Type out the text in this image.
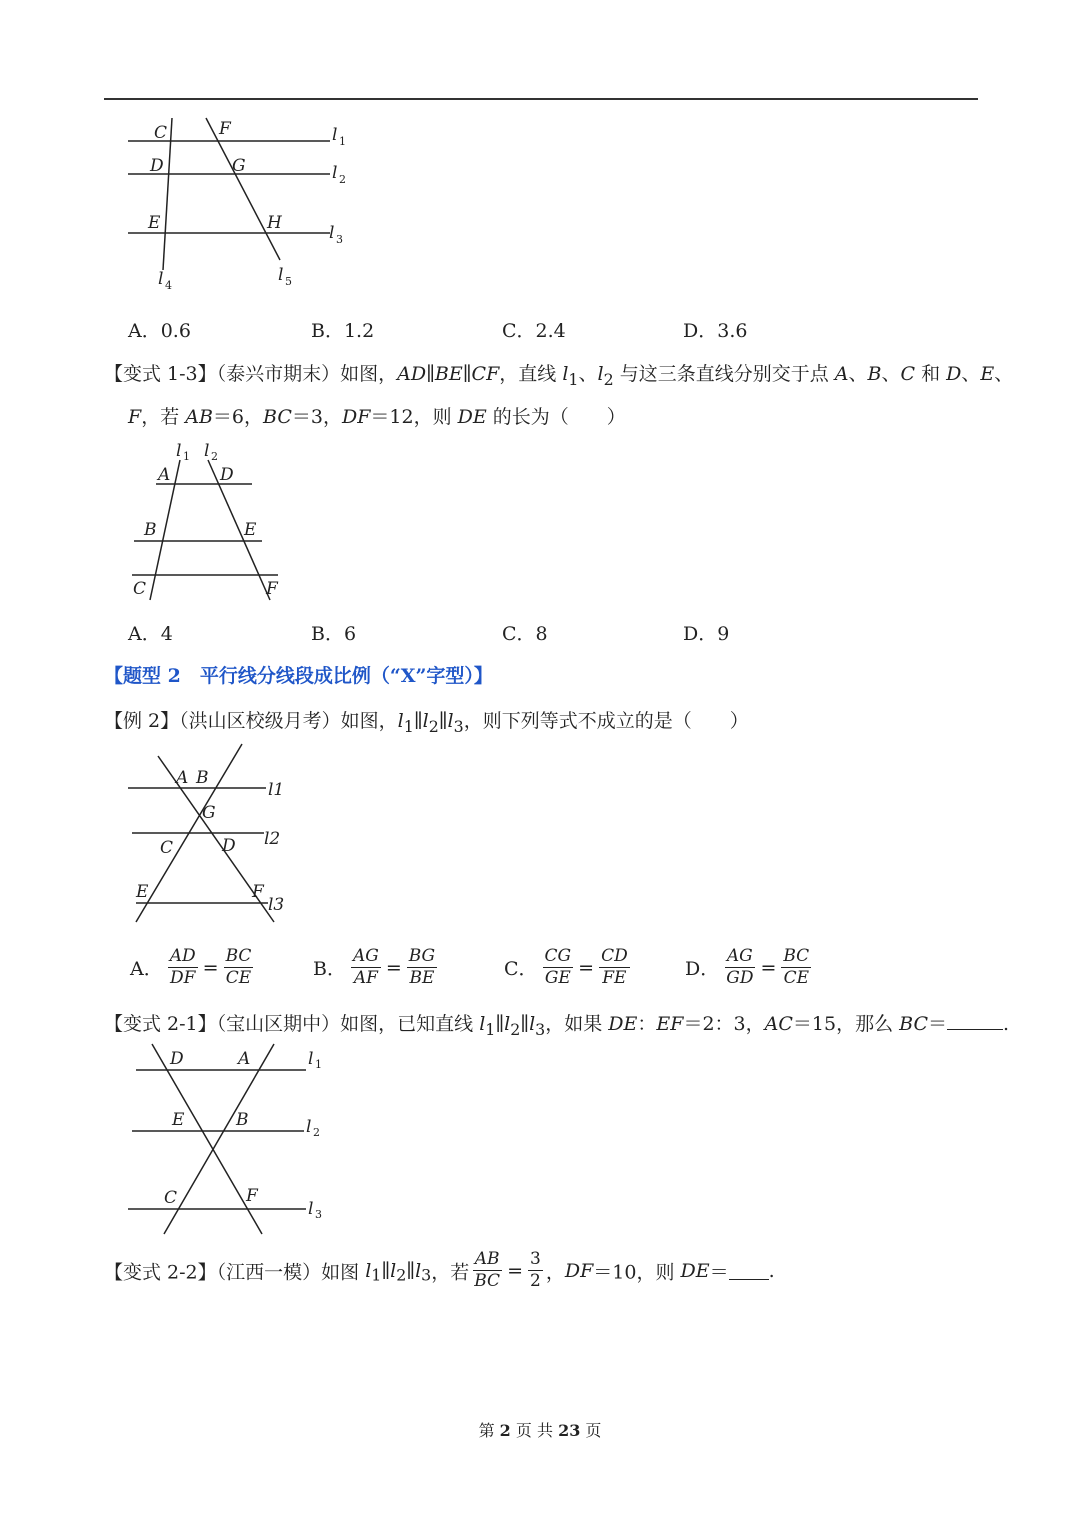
C	F
D	G
E	H
l 1
l 2
l 3
l 4
l 5
A．0.6	B．1.2	C．2.4	D．3.6
【变式 1-3】（泰兴市期末）如图，AD∥BE∥CF，直线 $l_1$、$l_2$ 与这三条直线分别交于点 A、B、C 和 D、E、
F，若 AB＝6，BC＝3，DF＝12，则 DE 的长为（　　）
l 1 l 2
A	D
B	E
C	F
A．4	B．6	C．8	D．9
【题型 2　平行线分线段成比例（“X”字型）】
【例 2】（洪山区校级月考）如图，$l_1\parallel l_2\parallel l_3$，则下列等式不成立的是（　　）
A B
G
C	D
E	F
l1
l2
l3
A． $\frac{AD}{DF} = \frac{BC}{CE}$	B． $\frac{AG}{AF} = \frac{BG}{BE}$	C． $\frac{CG}{GE} = \frac{CD}{FE}$	D． $\frac{AG}{GD} = \frac{BC}{CE}$
【变式 2-1】（宝山区期中）如图，已知直线 $l_1\parallel l_2\parallel l_3$，如果 DE：EF＝2：3，AC＝15，那么 BC＝	.
D	A
E	B
C	F
l 1
l 2
l 3
【变式 2-2】（江西一模）如图 $l_1\parallel l_2\parallel l_3$，若 $\frac{AB}{BC} = \frac{3}{2}$ ，DF＝10，则 DE＝ .
第 2 页 共 23 页
